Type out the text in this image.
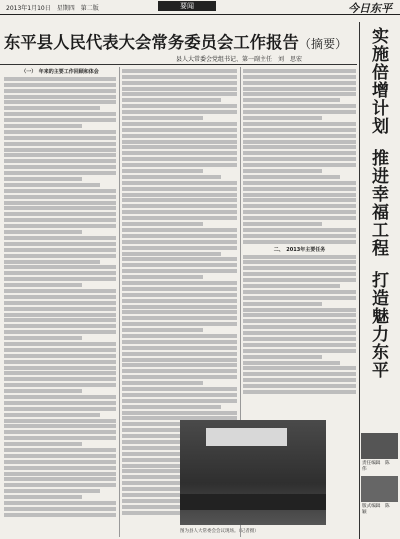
2013年1月10日　星期四　第二版	要闻	今日东平
东平县人民代表大会常务委员会工作报告（摘要）
县人大常委会党组书记、第一副主任　刘　思宏
（一）　年来的主要工作回顾和体会
二、　2013年主要任务
图为县人大常委会会议现场。（记者摄）
实施倍增计划
推进幸福工程
打造魅力东平
责任编辑　陈　伟
版式编辑　陈　颖
